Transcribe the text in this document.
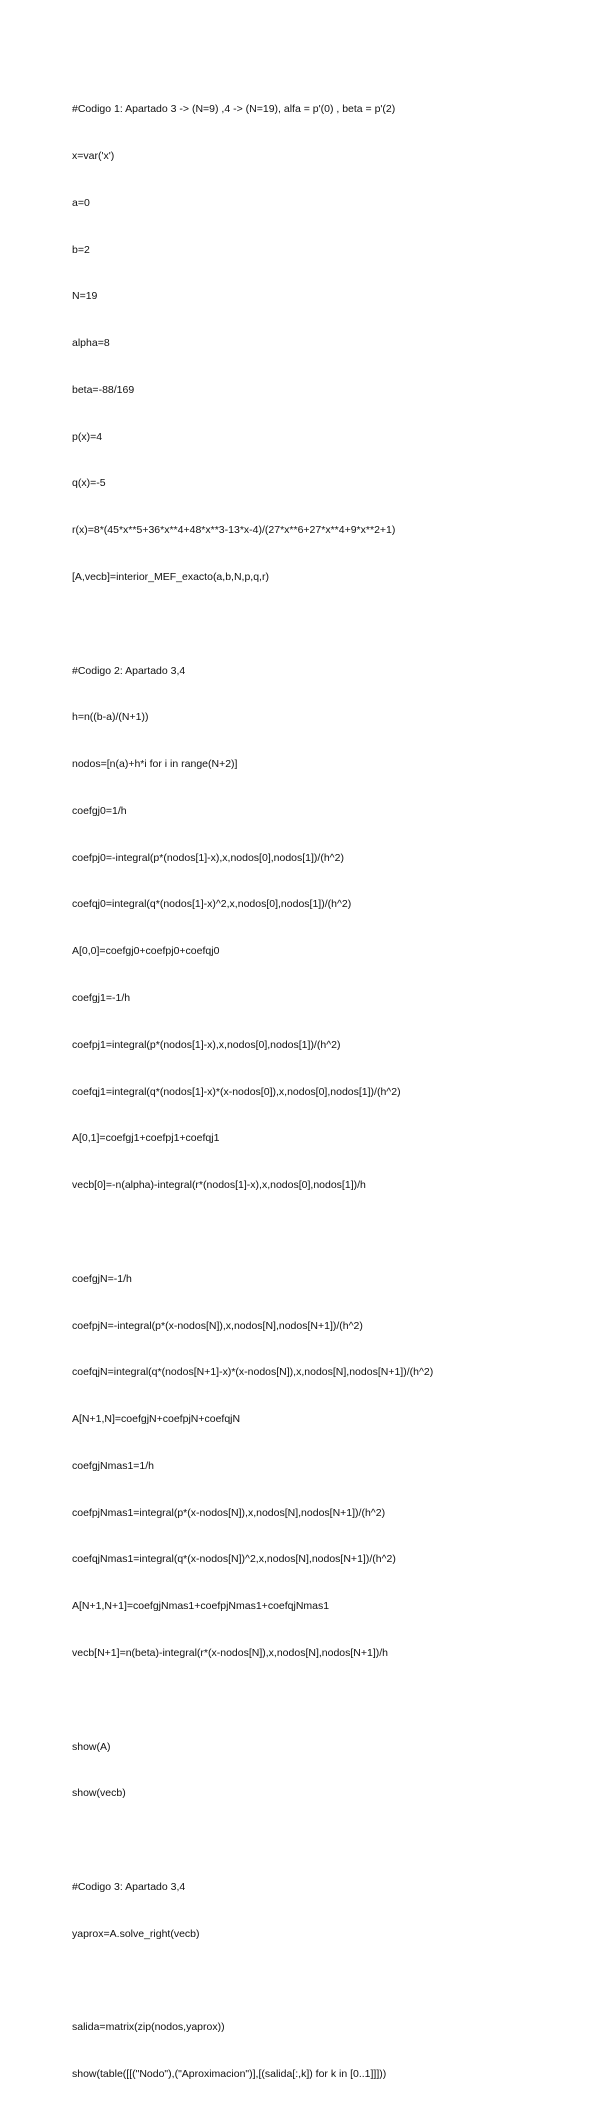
#Codigo 1: Apartado 3 -> (N=9) ,4 -> (N=19), alfa = p'(0) , beta = p'(2)

x=var('x')

a=0

b=2

N=19

alpha=8

beta=-88/169

p(x)=4

q(x)=-5

r(x)=8*(45*x**5+36*x**4+48*x**3-13*x-4)/(27*x**6+27*x**4+9*x**2+1)

[A,vecb]=interior_MEF_exacto(a,b,N,p,q,r)

#Codigo 2: Apartado 3,4

h=n((b-a)/(N+1))

nodos=[n(a)+h*i for i in range(N+2)]

coefgj0=1/h

coefpj0=-integral(p*(nodos[1]-x),x,nodos[0],nodos[1])/(h^2)

coefqj0=integral(q*(nodos[1]-x)^2,x,nodos[0],nodos[1])/(h^2)

A[0,0]=coefgj0+coefpj0+coefqj0

coefgj1=-1/h

coefpj1=integral(p*(nodos[1]-x),x,nodos[0],nodos[1])/(h^2)

coefqj1=integral(q*(nodos[1]-x)*(x-nodos[0]),x,nodos[0],nodos[1])/(h^2)

A[0,1]=coefgj1+coefpj1+coefqj1

vecb[0]=-n(alpha)-integral(r*(nodos[1]-x),x,nodos[0],nodos[1])/h

coefgjN=-1/h

coefpjN=-integral(p*(x-nodos[N]),x,nodos[N],nodos[N+1])/(h^2)

coefqjN=integral(q*(nodos[N+1]-x)*(x-nodos[N]),x,nodos[N],nodos[N+1])/(h^2)

A[N+1,N]=coefgjN+coefpjN+coefqjN

coefgjNmas1=1/h

coefpjNmas1=integral(p*(x-nodos[N]),x,nodos[N],nodos[N+1])/(h^2)

coefqjNmas1=integral(q*(x-nodos[N])^2,x,nodos[N],nodos[N+1])/(h^2)

A[N+1,N+1]=coefgjNmas1+coefpjNmas1+coefqjNmas1

vecb[N+1]=n(beta)-integral(r*(x-nodos[N]),x,nodos[N],nodos[N+1])/h

show(A)

show(vecb)

#Codigo 3: Apartado 3,4

yaprox=A.solve_right(vecb)

salida=matrix(zip(nodos,yaprox))

show(table([[("Nodo"),("Aproximacion")],[(salida[:,k]) for k in [0..1]]]))
